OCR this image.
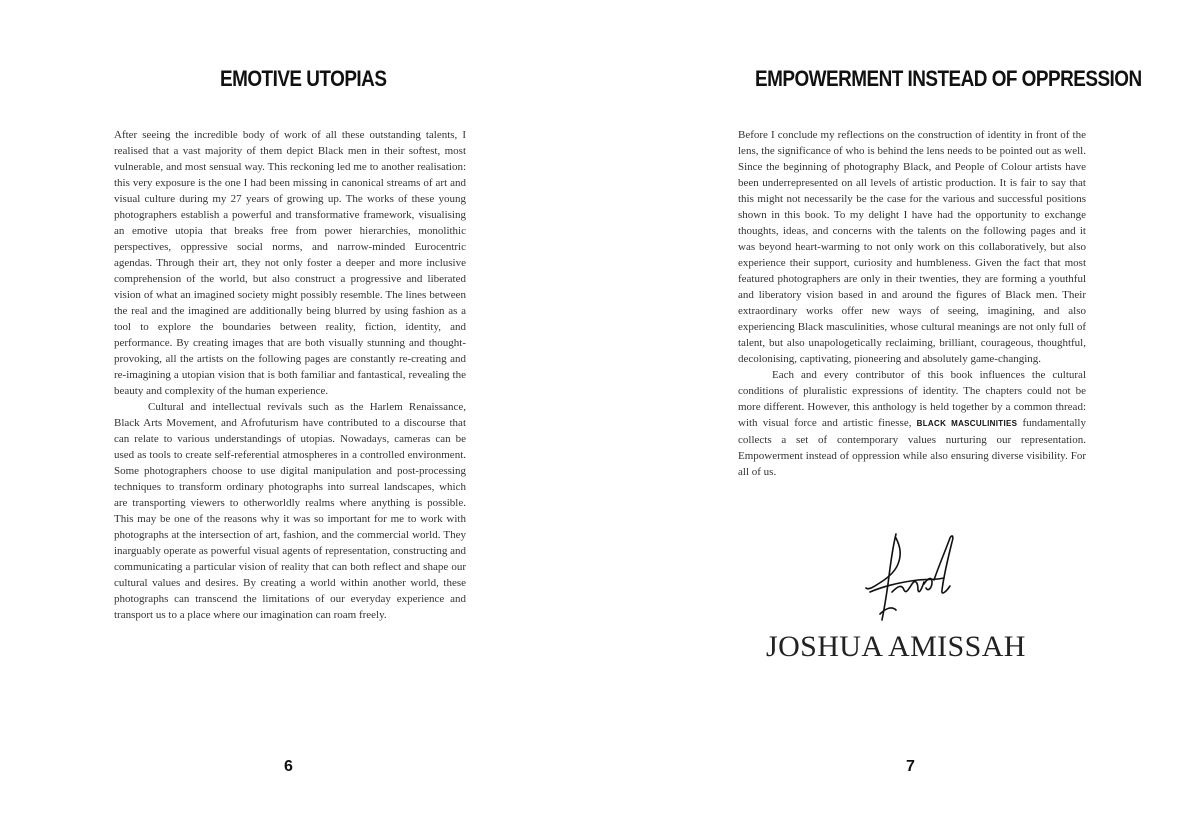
EMOTIVE UTOPIAS

After seeing the incredible body of work of all these outstanding talents, I realised that a vast majority of them depict Black men in their softest, most vulnerable, and most sensual way. This reckoning led me to another realisation: this very exposure is the one I had been missing in canonical streams of art and visual culture during my 27 years of growing up. The works of these young photographers establish a powerful and transformative framework, visualising an emotive utopia that breaks free from power hierarchies, monolithic perspectives, oppressive social norms, and narrow-minded Eurocentric agendas. Through their art, they not only foster a deeper and more inclusive comprehension of the world, but also construct a progressive and liberated vision of what an imagined society might possibly resemble. The lines between the real and the imagined are additionally being blurred by using fashion as a tool to explore the boundaries between reality, fiction, identity, and performance. By creating images that are both visually stunning and thought-provoking, all the artists on the following pages are constantly re-creating and re-imagining a utopian vision that is both familiar and fantastical, revealing the beauty and complexity of the human experience.

Cultural and intellectual revivals such as the Harlem Renaissance, Black Arts Movement, and Afrofuturism have contributed to a discourse that can relate to various understandings of utopias. Nowadays, cameras can be used as tools to create self-referential atmospheres in a controlled environment. Some photographers choose to use digital manipulation and post-processing techniques to transform ordinary photographs into surreal landscapes, which are transporting viewers to otherworldly realms where anything is possible. This may be one of the reasons why it was so important for me to work with photographs at the intersection of art, fashion, and the commercial world. They inarguably operate as powerful visual agents of representation, constructing and communicating a particular vision of reality that can both reflect and shape our cultural values and desires. By creating a world within another world, these photographs can transcend the limitations of our everyday experience and transport us to a place where our imagination can roam freely.

6

EMPOWERMENT INSTEAD OF OPPRESSION

Before I conclude my reflections on the construction of identity in front of the lens, the significance of who is behind the lens needs to be pointed out as well. Since the beginning of photography Black, and People of Colour artists have been underrepresented on all levels of artistic production. It is fair to say that this might not necessarily be the case for the various and successful positions shown in this book. To my delight I have had the opportunity to exchange thoughts, ideas, and concerns with the talents on the following pages and it was beyond heart-warming to not only work on this collaboratively, but also experience their support, curiosity and humbleness. Given the fact that most featured photographers are only in their twenties, they are forming a youthful and liberatory vision based in and around the figures of Black men. Their extraordinary works offer new ways of seeing, imagining, and also experiencing Black masculinities, whose cultural meanings are not only full of talent, but also unapologetically reclaiming, brilliant, courageous, thoughtful, decolonising, captivating, pioneering and absolutely game-changing.

Each and every contributor of this book influences the cultural conditions of pluralistic expressions of identity. The chapters could not be more different. However, this anthology is held together by a common thread: with visual force and artistic finesse, BLACK MASCULINITIES fundamentally collects a set of contemporary values nurturing our representation. Empowerment instead of oppression while also ensuring diverse visibility. For all of us.

JOSHUA AMISSAH

7
